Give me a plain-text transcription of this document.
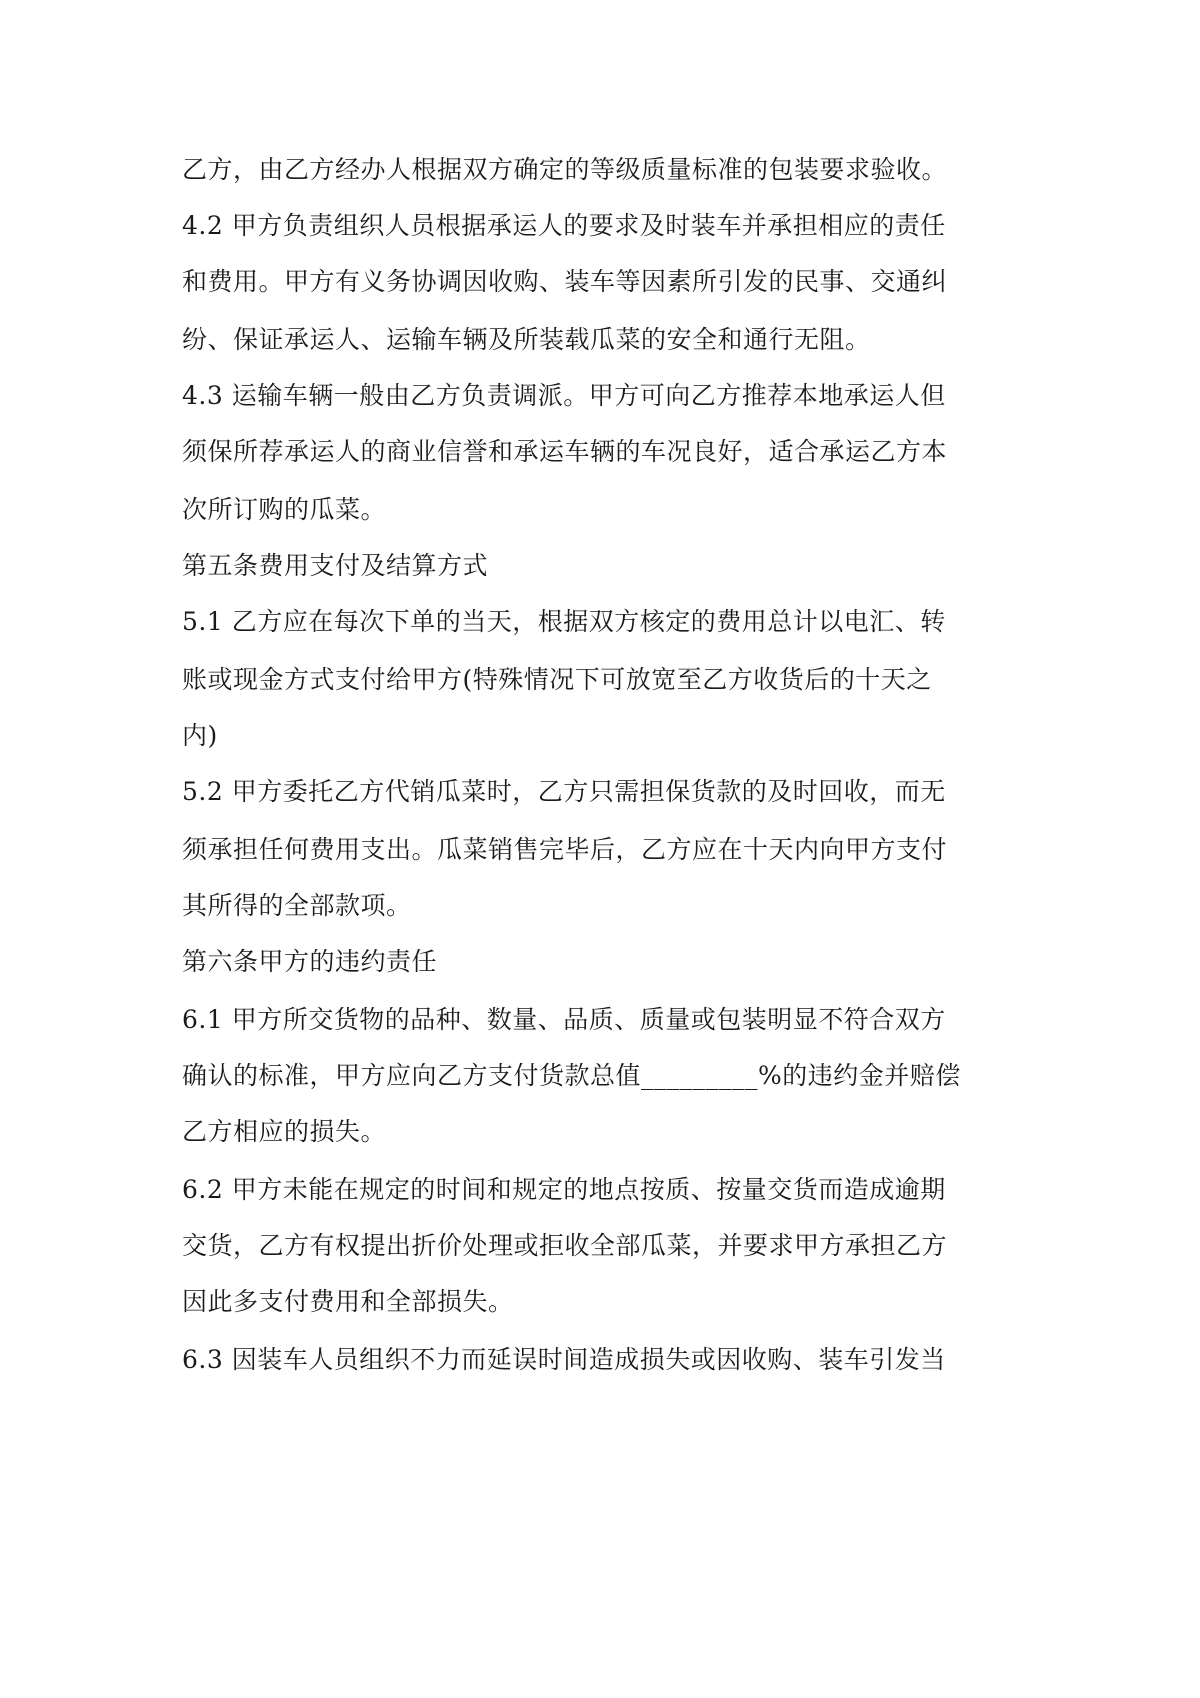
乙方，由乙方经办人根据双方确定的等级质量标准的包装要求验收。
4.2 甲方负责组织人员根据承运人的要求及时装车并承担相应的责任
和费用。甲方有义务协调因收购、装车等因素所引发的民事、交通纠
纷、保证承运人、运输车辆及所装载瓜菜的安全和通行无阻。
4.3 运输车辆一般由乙方负责调派。甲方可向乙方推荐本地承运人但
须保所荐承运人的商业信誉和承运车辆的车况良好，适合承运乙方本
次所订购的瓜菜。
第五条费用支付及结算方式
5.1 乙方应在每次下单的当天，根据双方核定的费用总计以电汇、转
账或现金方式支付给甲方(特殊情况下可放宽至乙方收货后的十天之
内)
5.2 甲方委托乙方代销瓜菜时，乙方只需担保货款的及时回收，而无
须承担任何费用支出。瓜菜销售完毕后，乙方应在十天内向甲方支付
其所得的全部款项。
第六条甲方的违约责任
6.1 甲方所交货物的品种、数量、品质、质量或包装明显不符合双方
确认的标准，甲方应向乙方支付货款总值_________%的违约金并赔偿
乙方相应的损失。
6.2 甲方未能在规定的时间和规定的地点按质、按量交货而造成逾期
交货，乙方有权提出折价处理或拒收全部瓜菜，并要求甲方承担乙方
因此多支付费用和全部损失。
6.3 因装车人员组织不力而延误时间造成损失或因收购、装车引发当
